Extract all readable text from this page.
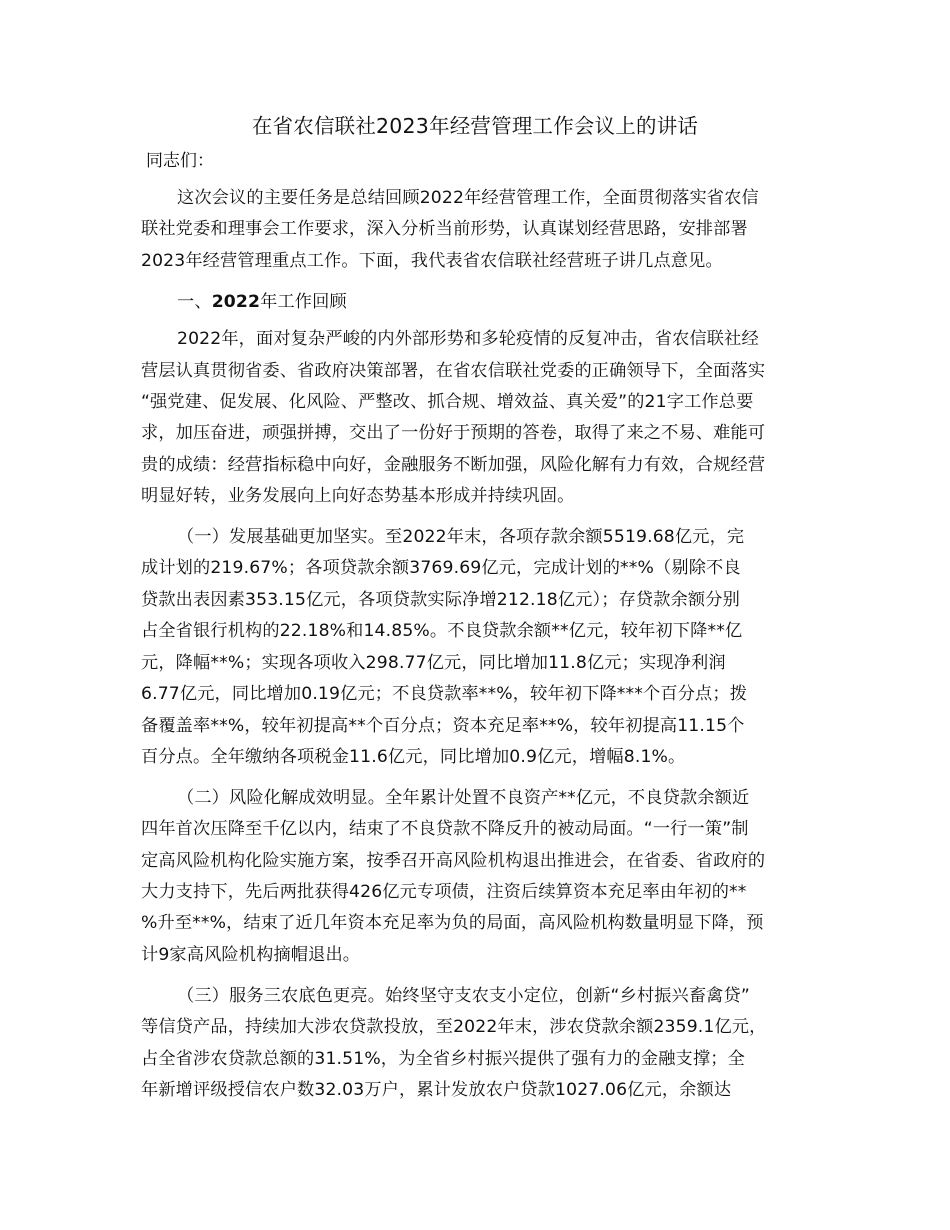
在省农信联社2023年经营管理工作会议上的讲话

同志们：

这次会议的主要任务是总结回顾2022年经营管理工作，全面贯彻落实省农信
联社党委和理事会工作要求，深入分析当前形势，认真谋划经营思路，安排部署
2023年经营管理重点工作。下面，我代表省农信联社经营班子讲几点意见。

一、2022年工作回顾

2022年，面对复杂严峻的内外部形势和多轮疫情的反复冲击，省农信联社经
营层认真贯彻省委、省政府决策部署，在省农信联社党委的正确领导下，全面落实
“强党建、促发展、化风险、严整改、抓合规、增效益、真关爱”的21字工作总要
求，加压奋进，顽强拼搏，交出了一份好于预期的答卷，取得了来之不易、难能可
贵的成绩：经营指标稳中向好，金融服务不断加强，风险化解有力有效，合规经营
明显好转，业务发展向上向好态势基本形成并持续巩固。

（一）发展基础更加坚实。至2022年末，各项存款余额5519.68亿元，完
成计划的219.67%；各项贷款余额3769.69亿元，完成计划的**%（剔除不良
贷款出表因素353.15亿元，各项贷款实际净增212.18亿元）；存贷款余额分别
占全省银行机构的22.18%和14.85%。不良贷款余额**亿元，较年初下降**亿
元，降幅**%；实现各项收入298.77亿元，同比增加11.8亿元；实现净利润
6.77亿元，同比增加0.19亿元；不良贷款率**%，较年初下降***个百分点；拨
备覆盖率**%，较年初提高**个百分点；资本充足率**%，较年初提高11.15个
百分点。全年缴纳各项税金11.6亿元，同比增加0.9亿元，增幅8.1%。

（二）风险化解成效明显。全年累计处置不良资产**亿元，不良贷款余额近
四年首次压降至千亿以内，结束了不良贷款不降反升的被动局面。“一行一策”制
定高风险机构化险实施方案，按季召开高风险机构退出推进会，在省委、省政府的
大力支持下，先后两批获得426亿元专项债，注资后续算资本充足率由年初的**
%升至**%，结束了近几年资本充足率为负的局面，高风险机构数量明显下降，预
计9家高风险机构摘帽退出。

（三）服务三农底色更亮。始终坚守支农支小定位，创新“乡村振兴畜禽贷”
等信贷产品，持续加大涉农贷款投放，至2022年末，涉农贷款余额2359.1亿元，
占全省涉农贷款总额的31.51%，为全省乡村振兴提供了强有力的金融支撑；全
年新增评级授信农户数32.03万户，累计发放农户贷款1027.06亿元，余额达
